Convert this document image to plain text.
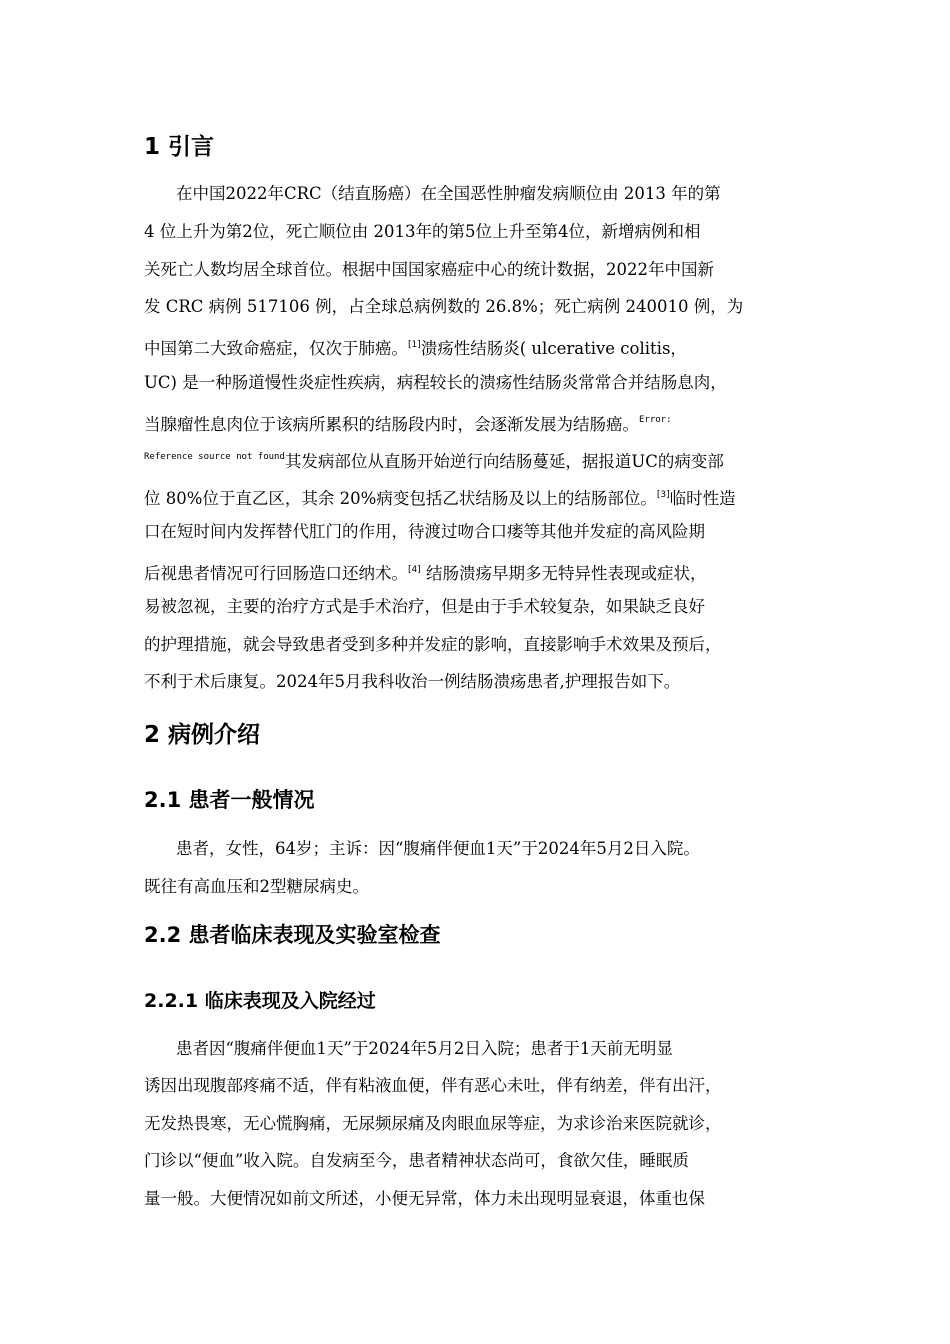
1 引言

在中国2022年CRC（结直肠癌）在全国恶性肿瘤发病顺位由 2013 年的第

4 位上升为第2位，死亡顺位由 2013年的第5位上升至第4位，新增病例和相

关死亡人数均居全球首位。根据中国国家癌症中心的统计数据，2022年中国新

发 CRC 病例 517106 例，占全球总病例数的 26.8%；死亡病例 240010 例，为

中国第二大致命癌症，仅次于肺癌。[1]溃疡性结肠炎( ulcerative colitis，

UC) 是一种肠道慢性炎症性疾病，病程较长的溃疡性结肠炎常常合并结肠息肉，

当腺瘤性息肉位于该病所累积的结肠段内时，会逐渐发展为结肠癌。$^{Error:}$

$^{Reference source not found}$其发病部位从直肠开始逆行向结肠蔓延，据报道UC的病变部

位 80%位于直乙区，其余 20%病变包括乙状结肠及以上的结肠部位。[3]临时性造

口在短时间内发挥替代肛门的作用，待渡过吻合口瘘等其他并发症的高风险期

后视患者情况可行回肠造口还纳术。[4] 结肠溃疡早期多无特异性表现或症状，

易被忽视，主要的治疗方式是手术治疗，但是由于手术较复杂，如果缺乏良好

的护理措施，就会导致患者受到多种并发症的影响，直接影响手术效果及预后，

不利于术后康复。2024年5月我科收治一例结肠溃疡患者,护理报告如下。

2 病例介绍
2.1 患者一般情况

患者，女性，64岁；主诉：因“腹痛伴便血1天”于2024年5月2日入院。

既往有高血压和2型糖尿病史。

2.2 患者临床表现及实验室检查
2.2.1 临床表现及入院经过

患者因“腹痛伴便血1天”于2024年5月2日入院；患者于1天前无明显

诱因出现腹部疼痛不适，伴有粘液血便，伴有恶心未吐，伴有纳差，伴有出汗，

无发热畏寒，无心慌胸痛，无尿频尿痛及肉眼血尿等症，为求诊治来医院就诊，

门诊以“便血”收入院。自发病至今，患者精神状态尚可，食欲欠佳，睡眠质

量一般。大便情况如前文所述，小便无异常，体力未出现明显衰退，体重也保
